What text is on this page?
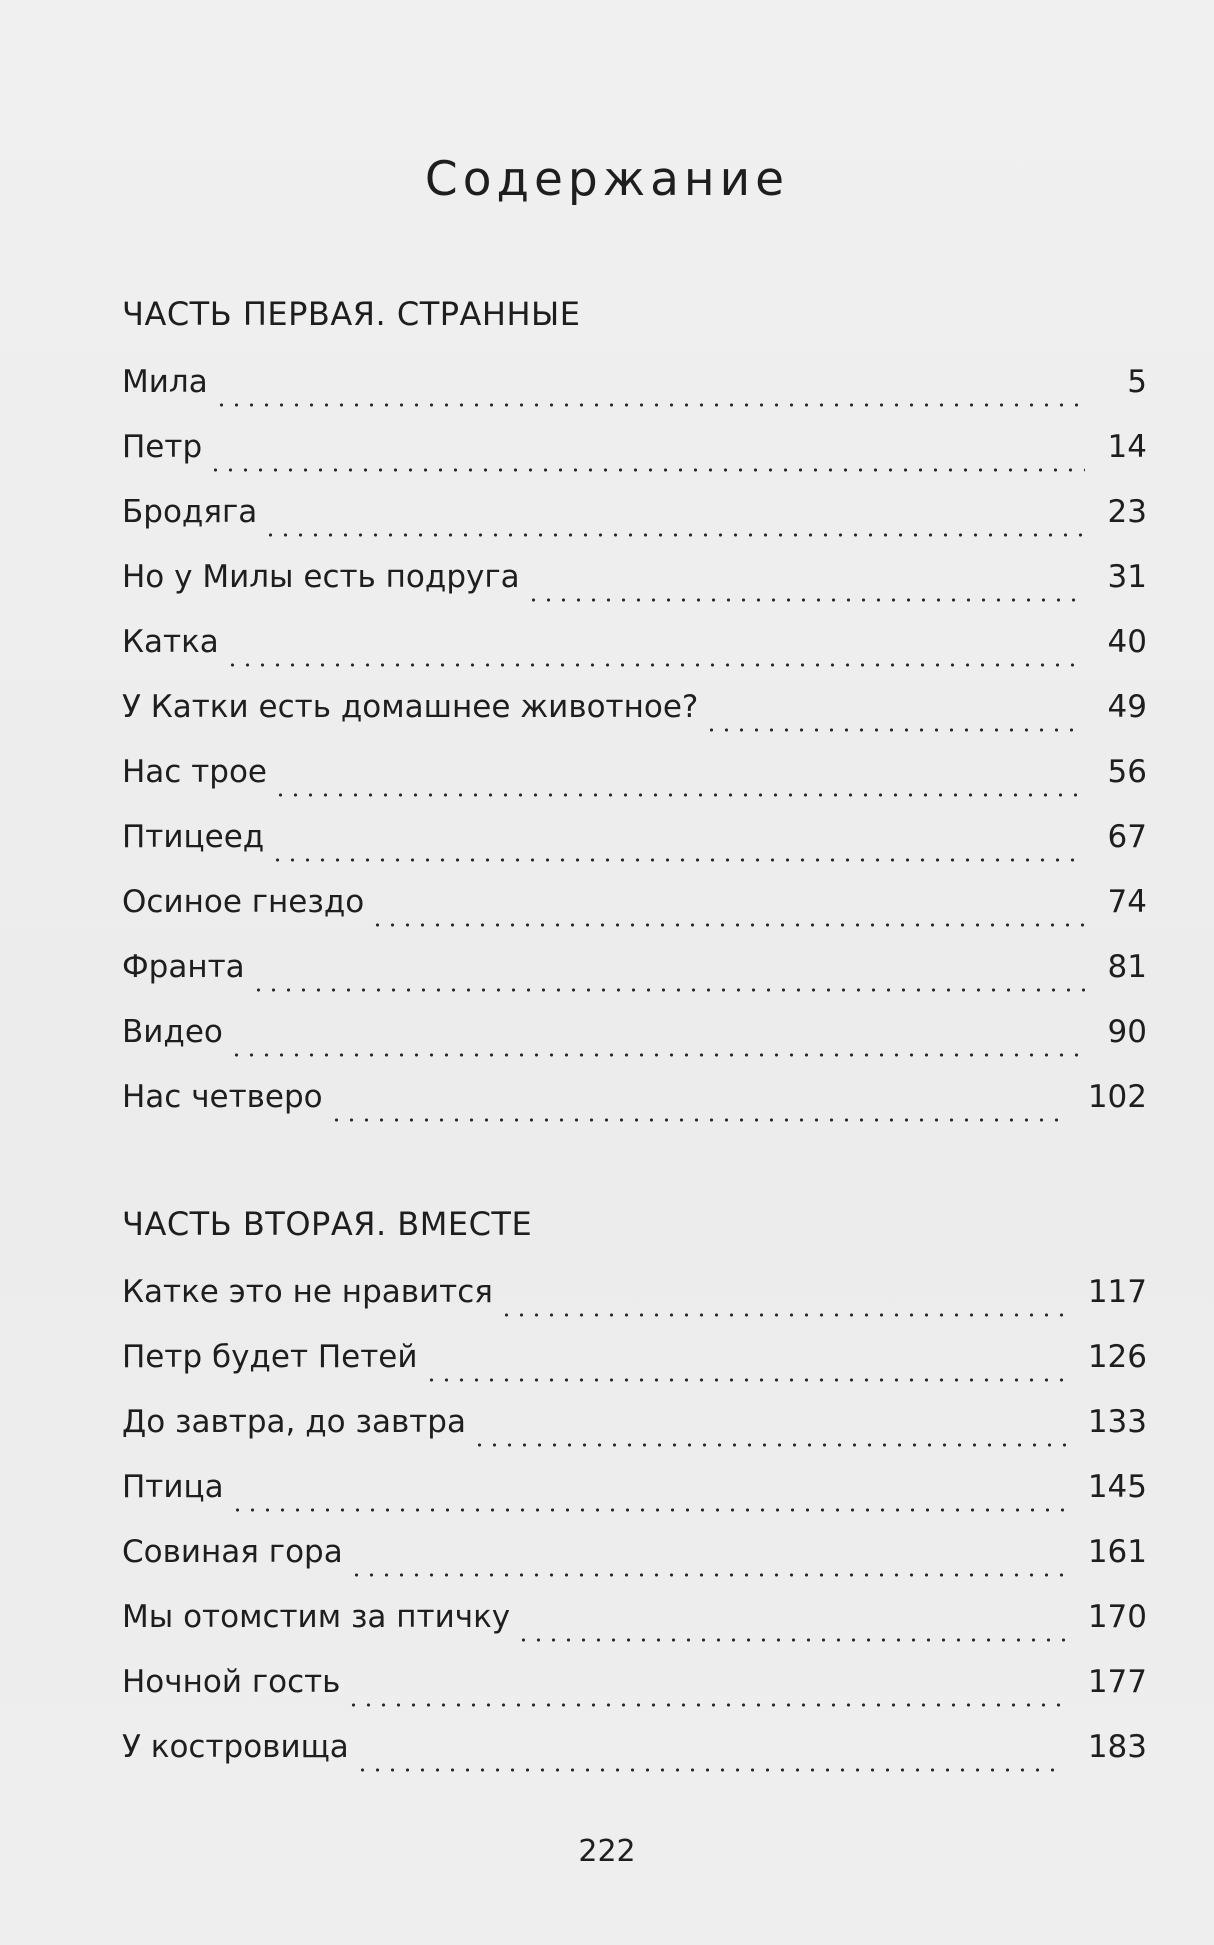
Содержание
ЧАСТЬ ПЕРВАЯ. СТРАННЫЕ
Мила	5
Петр	14
Бродяга	23
Но у Милы есть подруга	31
Катка	40
У Катки есть домашнее животное?	49
Нас трое	56
Птицеед	67
Осиное гнездо	74
Франта	81
Видео	90
Нас четверо	102
ЧАСТЬ ВТОРАЯ. ВМЕСТЕ
Катке это не нравится	117
Петр будет Петей	126
До завтра, до завтра	133
Птица	145
Совиная гора	161
Мы отомстим за птичку	170
Ночной гость	177
У костровища	183
222
